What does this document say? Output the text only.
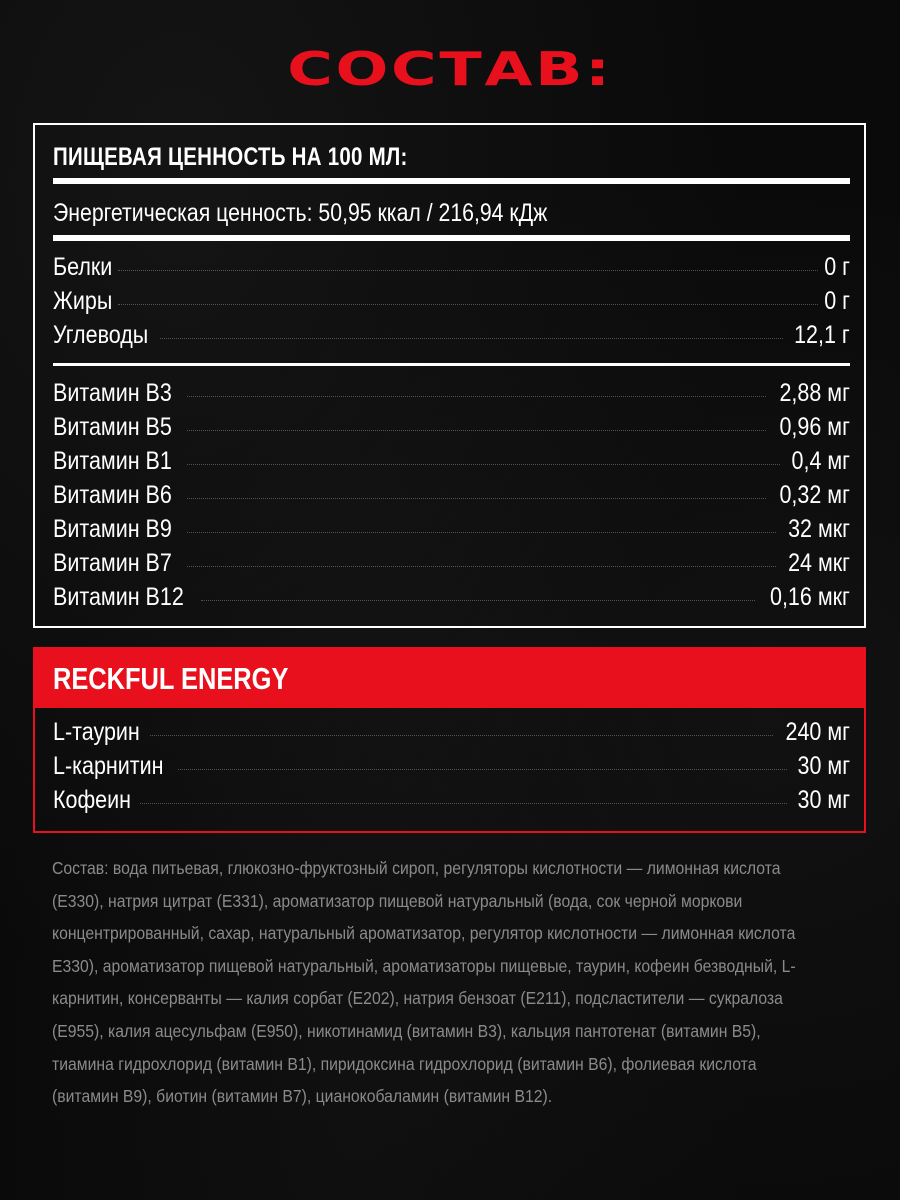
СОСТАВ:
ПИЩЕВАЯ ЦЕННОСТЬ НА 100 МЛ:
Энергетическая ценность: 50,95 ккал / 216,94 кДж
Белки	0 г
Жиры	0 г
Углеводы	12,1 г
Витамин B3	2,88 мг
Витамин B5	0,96 мг
Витамин B1	0,4 мг
Витамин B6	0,32 мг
Витамин B9	32 мкг
Витамин B7	24 мкг
Витамин B12	0,16 мкг
RECKFUL ENERGY
L-таурин	240 мг
L-карнитин	30 мг
Кофеин	30 мг
Состав: вода питьевая, глюкозно-фруктозный сироп, регуляторы кислотности — лимонная кислота (Е330), натрия цитрат (Е331), ароматизатор пищевой натуральный (вода, сок черной моркови концентрированный, сахар, натуральный ароматизатор, регулятор кислотности — лимонная кислота Е330), ароматизатор пищевой натуральный, ароматизаторы пищевые, таурин, кофеин безводный, L-карнитин, консерванты — калия сорбат (Е202), натрия бензоат (Е211), подсластители — сукралоза (Е955), калия ацесульфам (Е950), никотинамид (витамин В3), кальция пантотенат (витамин В5), тиамина гидрохлорид (витамин В1), пиридоксина гидрохлорид (витамин В6), фолиевая кислота (витамин В9), биотин (витамин В7), цианокобаламин (витамин В12).
